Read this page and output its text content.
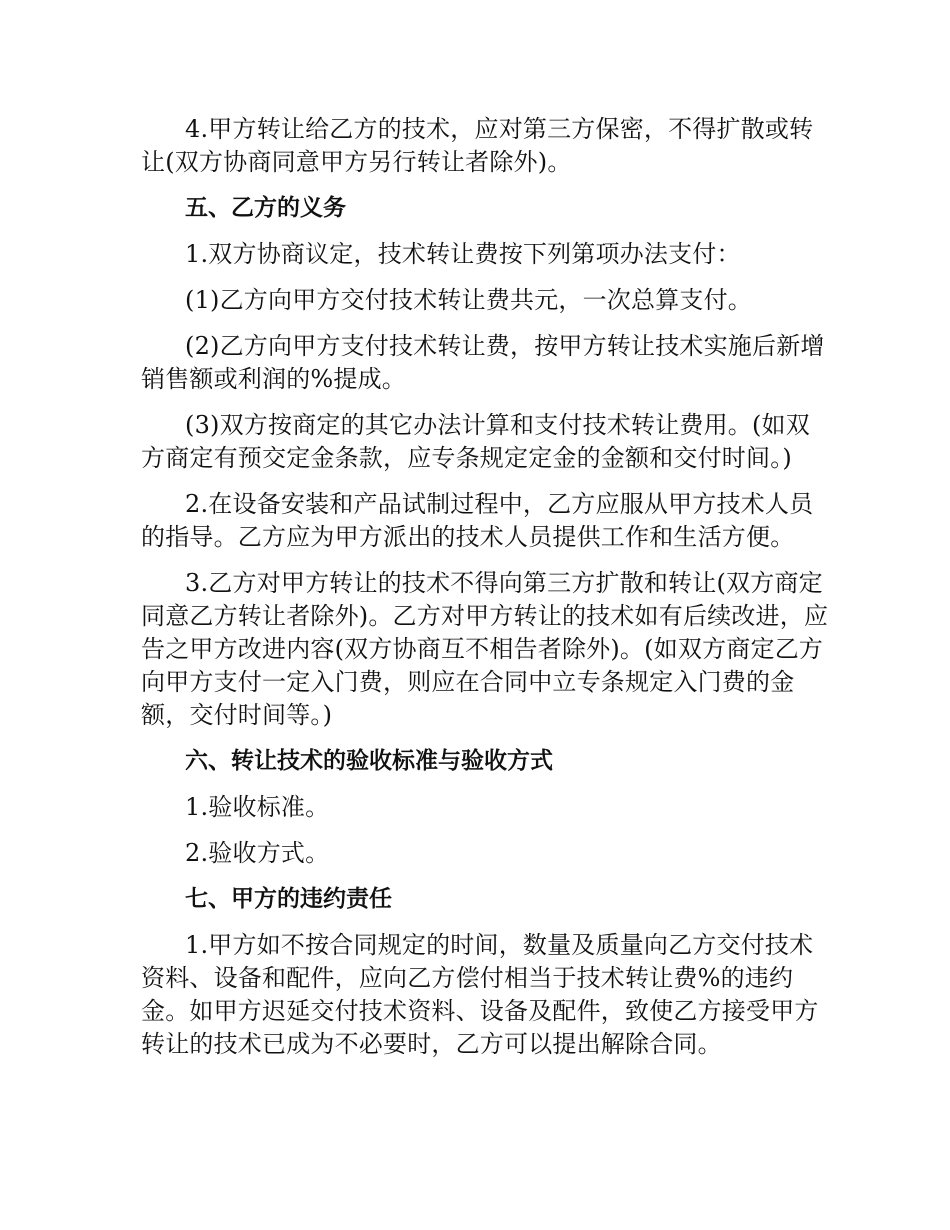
4.甲方转让给乙方的技术，应对第三方保密，不得扩散或转让(双方协商同意甲方另行转让者除外)。

五、乙方的义务

1.双方协商议定，技术转让费按下列第项办法支付：

(1)乙方向甲方交付技术转让费共元，一次总算支付。

(2)乙方向甲方支付技术转让费，按甲方转让技术实施后新增销售额或利润的%提成。

(3)双方按商定的其它办法计算和支付技术转让费用。(如双方商定有预交定金条款，应专条规定定金的金额和交付时间。)

2.在设备安装和产品试制过程中，乙方应服从甲方技术人员的指导。乙方应为甲方派出的技术人员提供工作和生活方便。

3.乙方对甲方转让的技术不得向第三方扩散和转让(双方商定同意乙方转让者除外)。乙方对甲方转让的技术如有后续改进，应告之甲方改进内容(双方协商互不相告者除外)。(如双方商定乙方向甲方支付一定入门费，则应在合同中立专条规定入门费的金额，交付时间等。)

六、转让技术的验收标准与验收方式

1.验收标准。

2.验收方式。

七、甲方的违约责任

1.甲方如不按合同规定的时间，数量及质量向乙方交付技术资料、设备和配件，应向乙方偿付相当于技术转让费%的违约金。如甲方迟延交付技术资料、设备及配件，致使乙方接受甲方转让的技术已成为不必要时，乙方可以提出解除合同。
